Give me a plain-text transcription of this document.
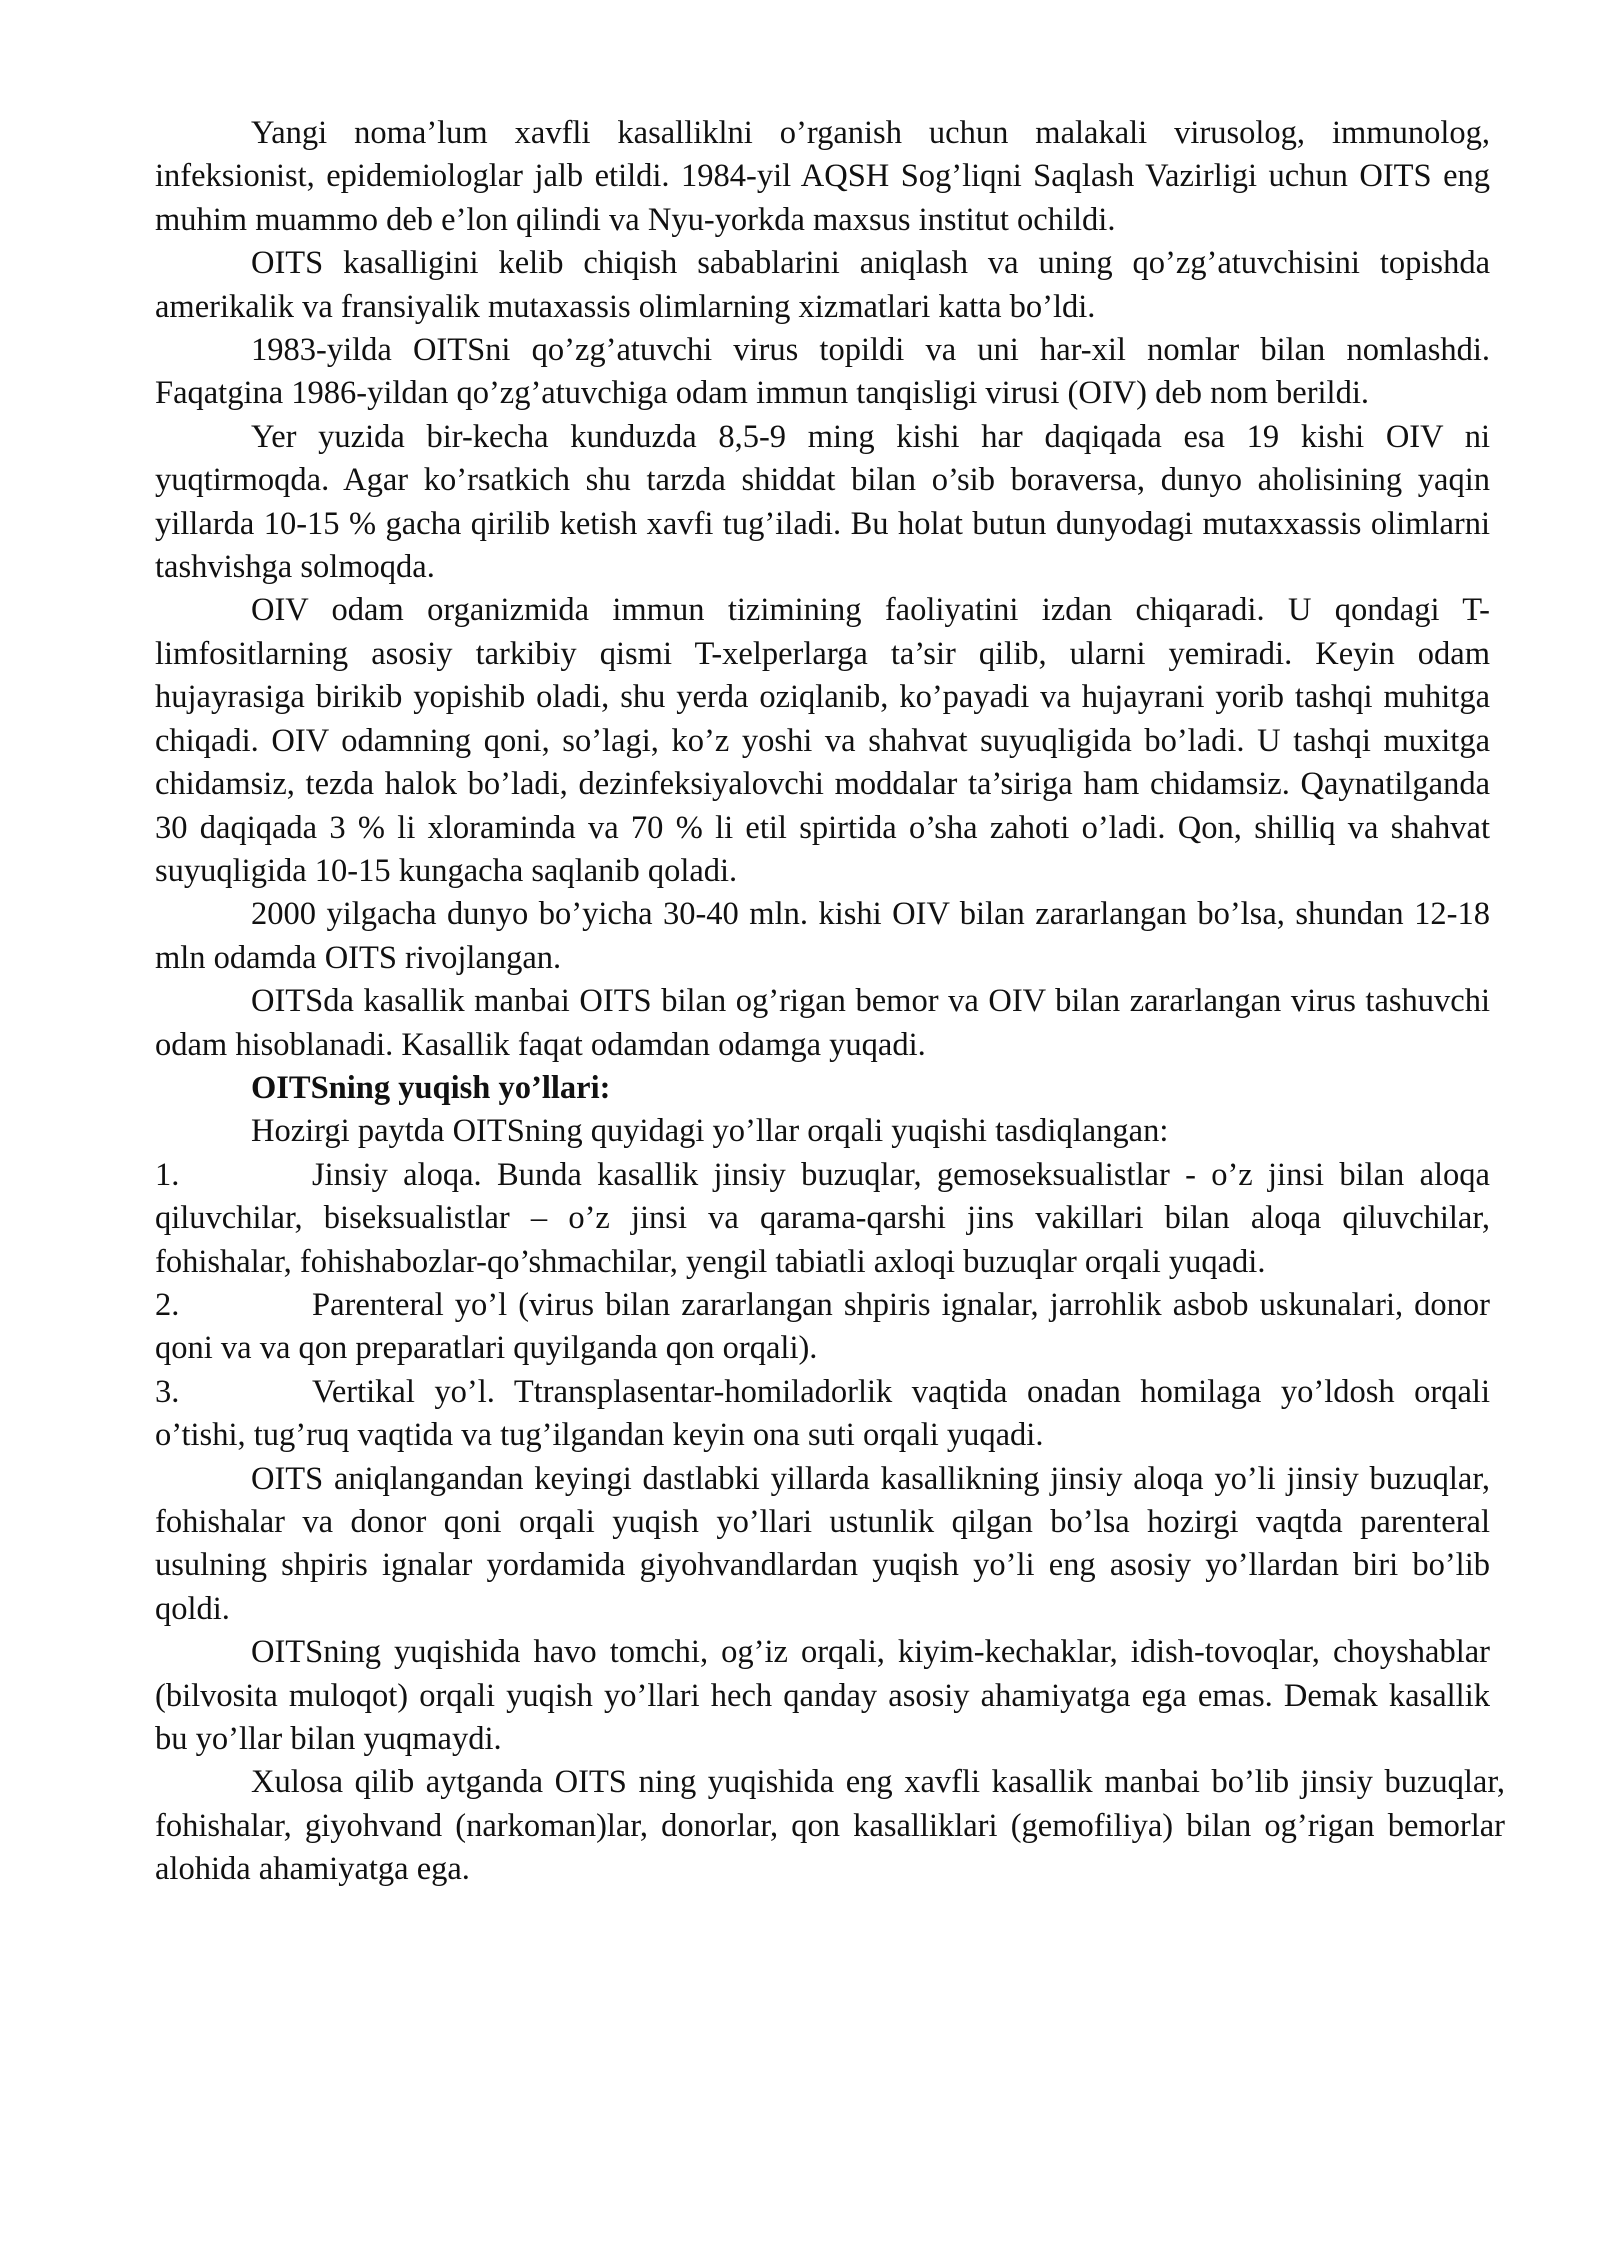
Yangi noma’lum xavfli kasalliklni o’rganish uchun malakali virusolog, immunolog, infeksionist, epidemiologlar jalb etildi. 1984-yil AQSH Sog’liqni Saqlash Vazirligi uchun OITS eng muhim muammo deb e’lon qilindi va Nyu-yorkda maxsus institut ochildi.

OITS kasalligini kelib chiqish sabablarini aniqlash va uning qo’zg’atuvchisini topishda amerikalik va fransiyalik mutaxassis olimlarning xizmatlari katta bo’ldi.

1983-yilda OITSni qo’zg’atuvchi virus topildi va uni har-xil nomlar bilan nomlashdi. Faqatgina 1986-yildan qo’zg’atuvchiga odam immun tanqisligi virusi (OIV) deb nom berildi.

Yer yuzida bir-kecha kunduzda 8,5-9 ming kishi har daqiqada esa 19 kishi OIV ni yuqtirmoqda. Agar ko’rsatkich shu tarzda shiddat bilan o’sib boraversa, dunyo aholisining yaqin yillarda 10-15 % gacha qirilib ketish xavfi tug’iladi. Bu holat butun dunyodagi mutaxxassis olimlarni tashvishga solmoqda.

OIV odam organizmida immun tizimining faoliyatini izdan chiqaradi. U qondagi T-limfositlarning asosiy tarkibiy qismi T-xelperlarga ta’sir qilib, ularni yemiradi. Keyin odam hujayrasiga birikib yopishib oladi, shu yerda oziqlanib, ko’payadi va hujayrani yorib tashqi muhitga chiqadi. OIV odamning qoni, so’lagi, ko’z yoshi va shahvat suyuqligida bo’ladi. U tashqi muxitga chidamsiz, tezda halok bo’ladi, dezinfeksiyalovchi moddalar ta’siriga ham chidamsiz. Qaynatilganda 30 daqiqada 3 % li xloraminda va 70 % li etil spirtida o’sha zahoti o’ladi. Qon, shilliq va shahvat suyuqligida 10-15 kungacha saqlanib qoladi.

2000 yilgacha dunyo bo’yicha 30-40 mln. kishi OIV bilan zararlangan bo’lsa, shundan 12-18 mln odamda OITS rivojlangan.

OITSda kasallik manbai OITS bilan og’rigan bemor va OIV bilan zararlangan virus tashuvchi odam hisoblanadi. Kasallik faqat odamdan odamga yuqadi.

OITSning yuqish yo’llari:

Hozirgi paytda OITSning quyidagi yo’llar orqali yuqishi tasdiqlangan:

1.	Jinsiy aloqa. Bunda kasallik jinsiy buzuqlar, gemoseksualistlar - o’z jinsi bilan aloqa qiluvchilar, biseksualistlar – o’z jinsi va qarama-qarshi jins vakillari bilan aloqa qiluvchilar, fohishalar, fohishabozlar-qo’shmachilar, yengil tabiatli axloqi buzuqlar orqali yuqadi.

2.	Parenteral yo’l (virus bilan zararlangan shpiris ignalar, jarrohlik asbob uskunalari, donor qoni va va qon preparatlari quyilganda qon orqali).

3.	Vertikal yo’l. Ttransplasentar-homiladorlik vaqtida onadan homilaga yo’ldosh orqali o’tishi, tug’ruq vaqtida va tug’ilgandan keyin ona suti orqali yuqadi.

OITS aniqlangandan keyingi dastlabki yillarda kasallikning jinsiy aloqa yo’li jinsiy buzuqlar, fohishalar va donor qoni orqali yuqish yo’llari ustunlik qilgan bo’lsa hozirgi vaqtda parenteral usulning shpiris ignalar yordamida giyohvandlardan yuqish yo’li eng asosiy yo’llardan biri bo’lib qoldi.

OITSning yuqishida havo tomchi, og’iz orqali, kiyim-kechaklar, idish-tovoqlar, choyshablar (bilvosita muloqot) orqali yuqish yo’llari hech qanday asosiy ahamiyatga ega emas. Demak kasallik bu yo’llar bilan yuqmaydi.

Xulosa qilib aytganda OITS ning yuqishida eng xavfli kasallik manbai bo’lib jinsiy buzuqlar, fohishalar, giyohvand (narkoman)lar, donorlar, qon kasalliklari (gemofiliya) bilan og’rigan bemorlar alohida ahamiyatga ega.
